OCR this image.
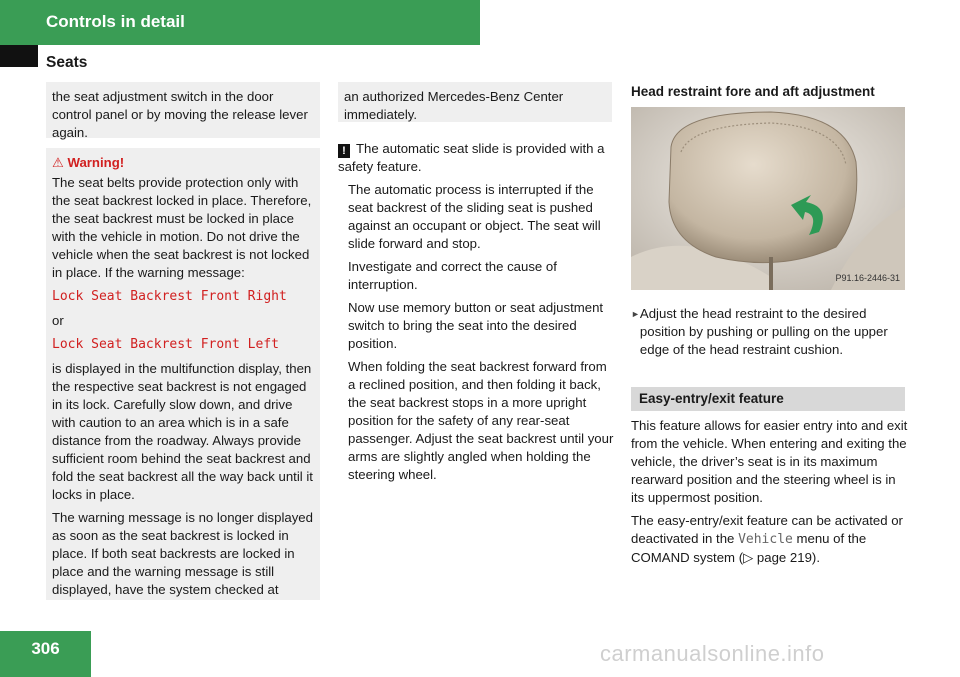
Controls in detail
Seats

the seat adjustment switch in the door control panel or by moving the release lever again.

⚠︎ Warning!

The seat belts provide protection only with the seat backrest locked in place. Therefore, the seat backrest must be locked in place with the vehicle in motion. Do not drive the vehicle when the seat backrest is not locked in place. If the warning message:

Lock Seat Backrest Front Right

or

Lock Seat Backrest Front Left

is displayed in the multifunction display, then the respective seat backrest is not engaged in its lock. Carefully slow down, and drive with caution to an area which is in a safe distance from the roadway. Always provide sufficient room behind the seat backrest and fold the seat backrest all the way back until it locks in place.

The warning message is no longer displayed as soon as the seat backrest is locked in place. If both seat backrests are locked in place and the warning message is still displayed, have the system checked at

an authorized Mercedes-Benz Center immediately.

! The automatic seat slide is provided with a safety feature.

The automatic process is interrupted if the seat backrest of the sliding seat is pushed against an occupant or object. The seat will slide forward and stop.

Investigate and correct the cause of interruption.

Now use memory button or seat adjustment switch to bring the seat into the desired position.

When folding the seat backrest forward from a reclined position, and then folding it back, the seat backrest stops in a more upright position for the safety of any rear-seat passenger. Adjust the seat backrest until your arms are slightly angled when holding the steering wheel.

Head restraint fore and aft adjustment
P91.16-2446-31
► Adjust the head restraint to the desired position by pushing or pulling on the upper edge of the head restraint cushion.
Easy-entry/exit feature

This feature allows for easier entry into and exit from the vehicle. When entering and exiting the vehicle, the driver’s seat is in its maximum rearward position and the steering wheel is in its uppermost position.

The easy-entry/exit feature can be activated or deactivated in the Vehicle menu of the COMAND system (▷ page 219).

306	carmanualsonline.info
